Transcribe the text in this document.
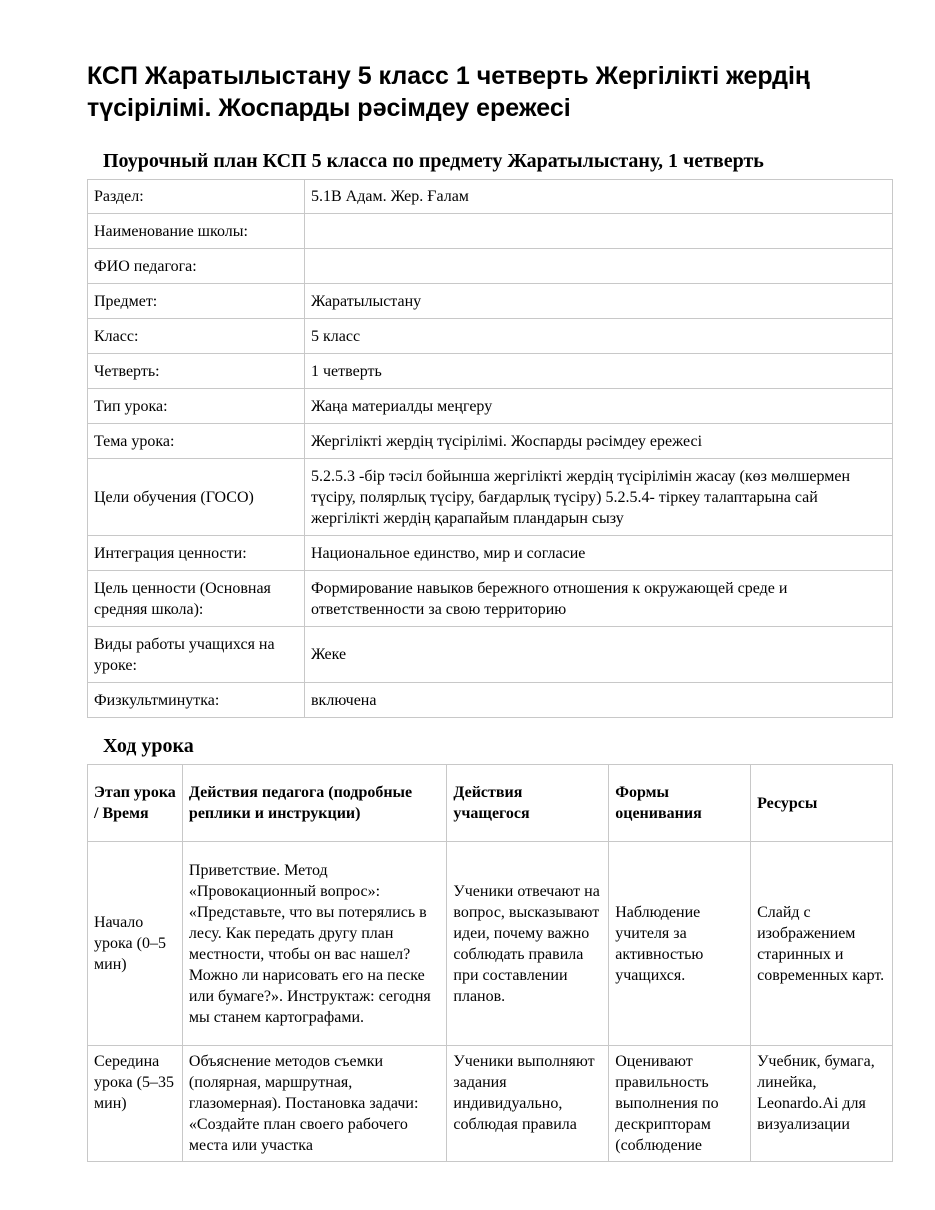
КСП Жаратылыстану 5 класс 1 четверть Жергілікті жердің түсірілімі. Жоспарды рәсімдеу ережесі
Поурочный план КСП 5 класса по предмету Жаратылыстану, 1 четверть
Раздел:	5.1В Адам. Жер. Ғалам
Наименование школы:	
ФИО педагога:	
Предмет:	Жаратылыстану
Класс:	5 класс
Четверть:	1 четверть
Тип урока:	Жаңа материалды меңгеру
Тема урока:	Жергілікті жердің түсірілімі. Жоспарды рәсімдеу ережесі
Цели обучения (ГОСО)	5.2.5.3 -бір тәсіл бойынша жергілікті жердің түсірілімін жасау (көз мөлшермен түсіру, полярлық түсіру, бағдарлық түсіру) 5.2.5.4- тіркеу талаптарына сай жергілікті жердің қарапайым пландарын сызу
Интеграция ценности:	Национальное единство, мир и согласие
Цель ценности (Основная средняя школа):	Формирование навыков бережного отношения к окружающей среде и ответственности за свою территорию
Виды работы учащихся на уроке:	Жеке
Физкультминутка:	включена
Ход урока
Этап урока / Время	Действия педагога (подробные реплики и инструкции)	Действия учащегося	Формы оценивания	Ресурсы
Начало урока (0–5 мин)	Приветствие. Метод «Провокационный вопрос»: «Представьте, что вы потерялись в лесу. Как передать другу план местности, чтобы он вас нашел? Можно ли нарисовать его на песке или бумаге?». Инструктаж: сегодня мы станем картографами.	Ученики отвечают на вопрос, высказывают идеи, почему важно соблюдать правила при составлении планов.	Наблюдение учителя за активностью учащихся.	Слайд с изображением старинных и современных карт.
Середина урока (5–35 мин)	Объяснение методов съемки (полярная, маршрутная, глазомерная). Постановка задачи: «Создайте план своего рабочего места или участка	Ученики выполняют задания индивидуально, соблюдая правила	Оценивают правильность выполнения по дескрипторам (соблюдение	Учебник, бумага, линейка, Leonardo.Ai для визуализации
